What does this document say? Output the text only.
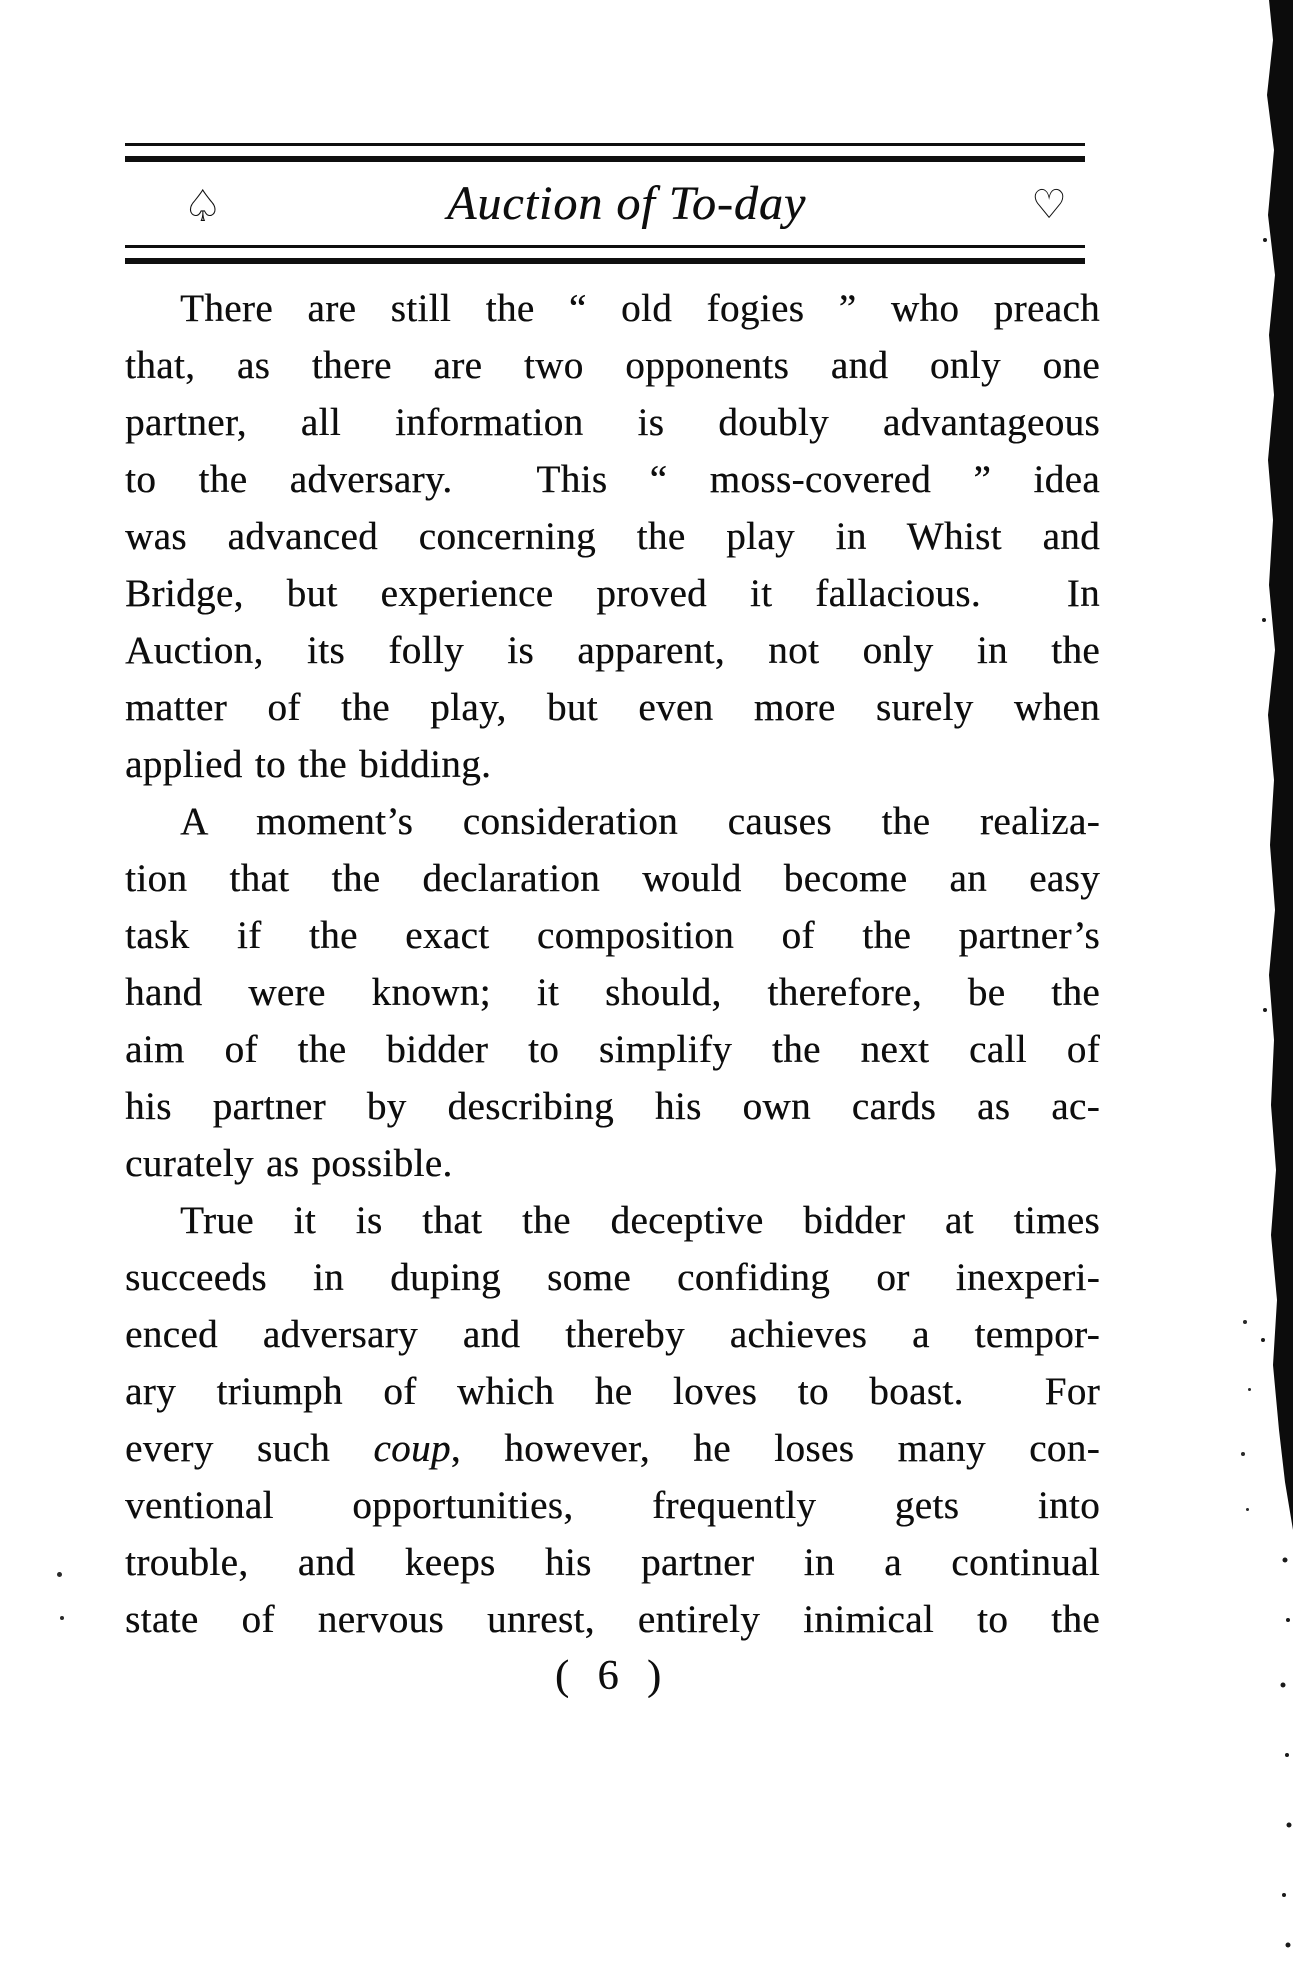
♤	Auction of To-day	♡
There are still the “ old fogies ” who preach
that, as there are two opponents and only one
partner, all information is doubly advantageous
to the adversary.  This “ moss-covered ” idea
was advanced concerning the play in Whist and
Bridge, but experience proved it fallacious.  In
Auction, its folly is apparent, not only in the
matter of the play, but even more surely when
applied to the bidding.
A moment’s consideration causes the realiza-
tion that the declaration would become an easy
task if the exact composition of the partner’s
hand were known; it should, therefore, be the
aim of the bidder to simplify the next call of
his partner by describing his own cards as ac-
curately as possible.
True it is that the deceptive bidder at times
succeeds in duping some confiding or inexperi-
enced adversary and thereby achieves a tempor-
ary triumph of which he loves to boast.  For
every such coup, however, he loses many con-
ventional opportunities, frequently gets into
trouble, and keeps his partner in a continual
state of nervous unrest, entirely inimical to the
( 6 )
